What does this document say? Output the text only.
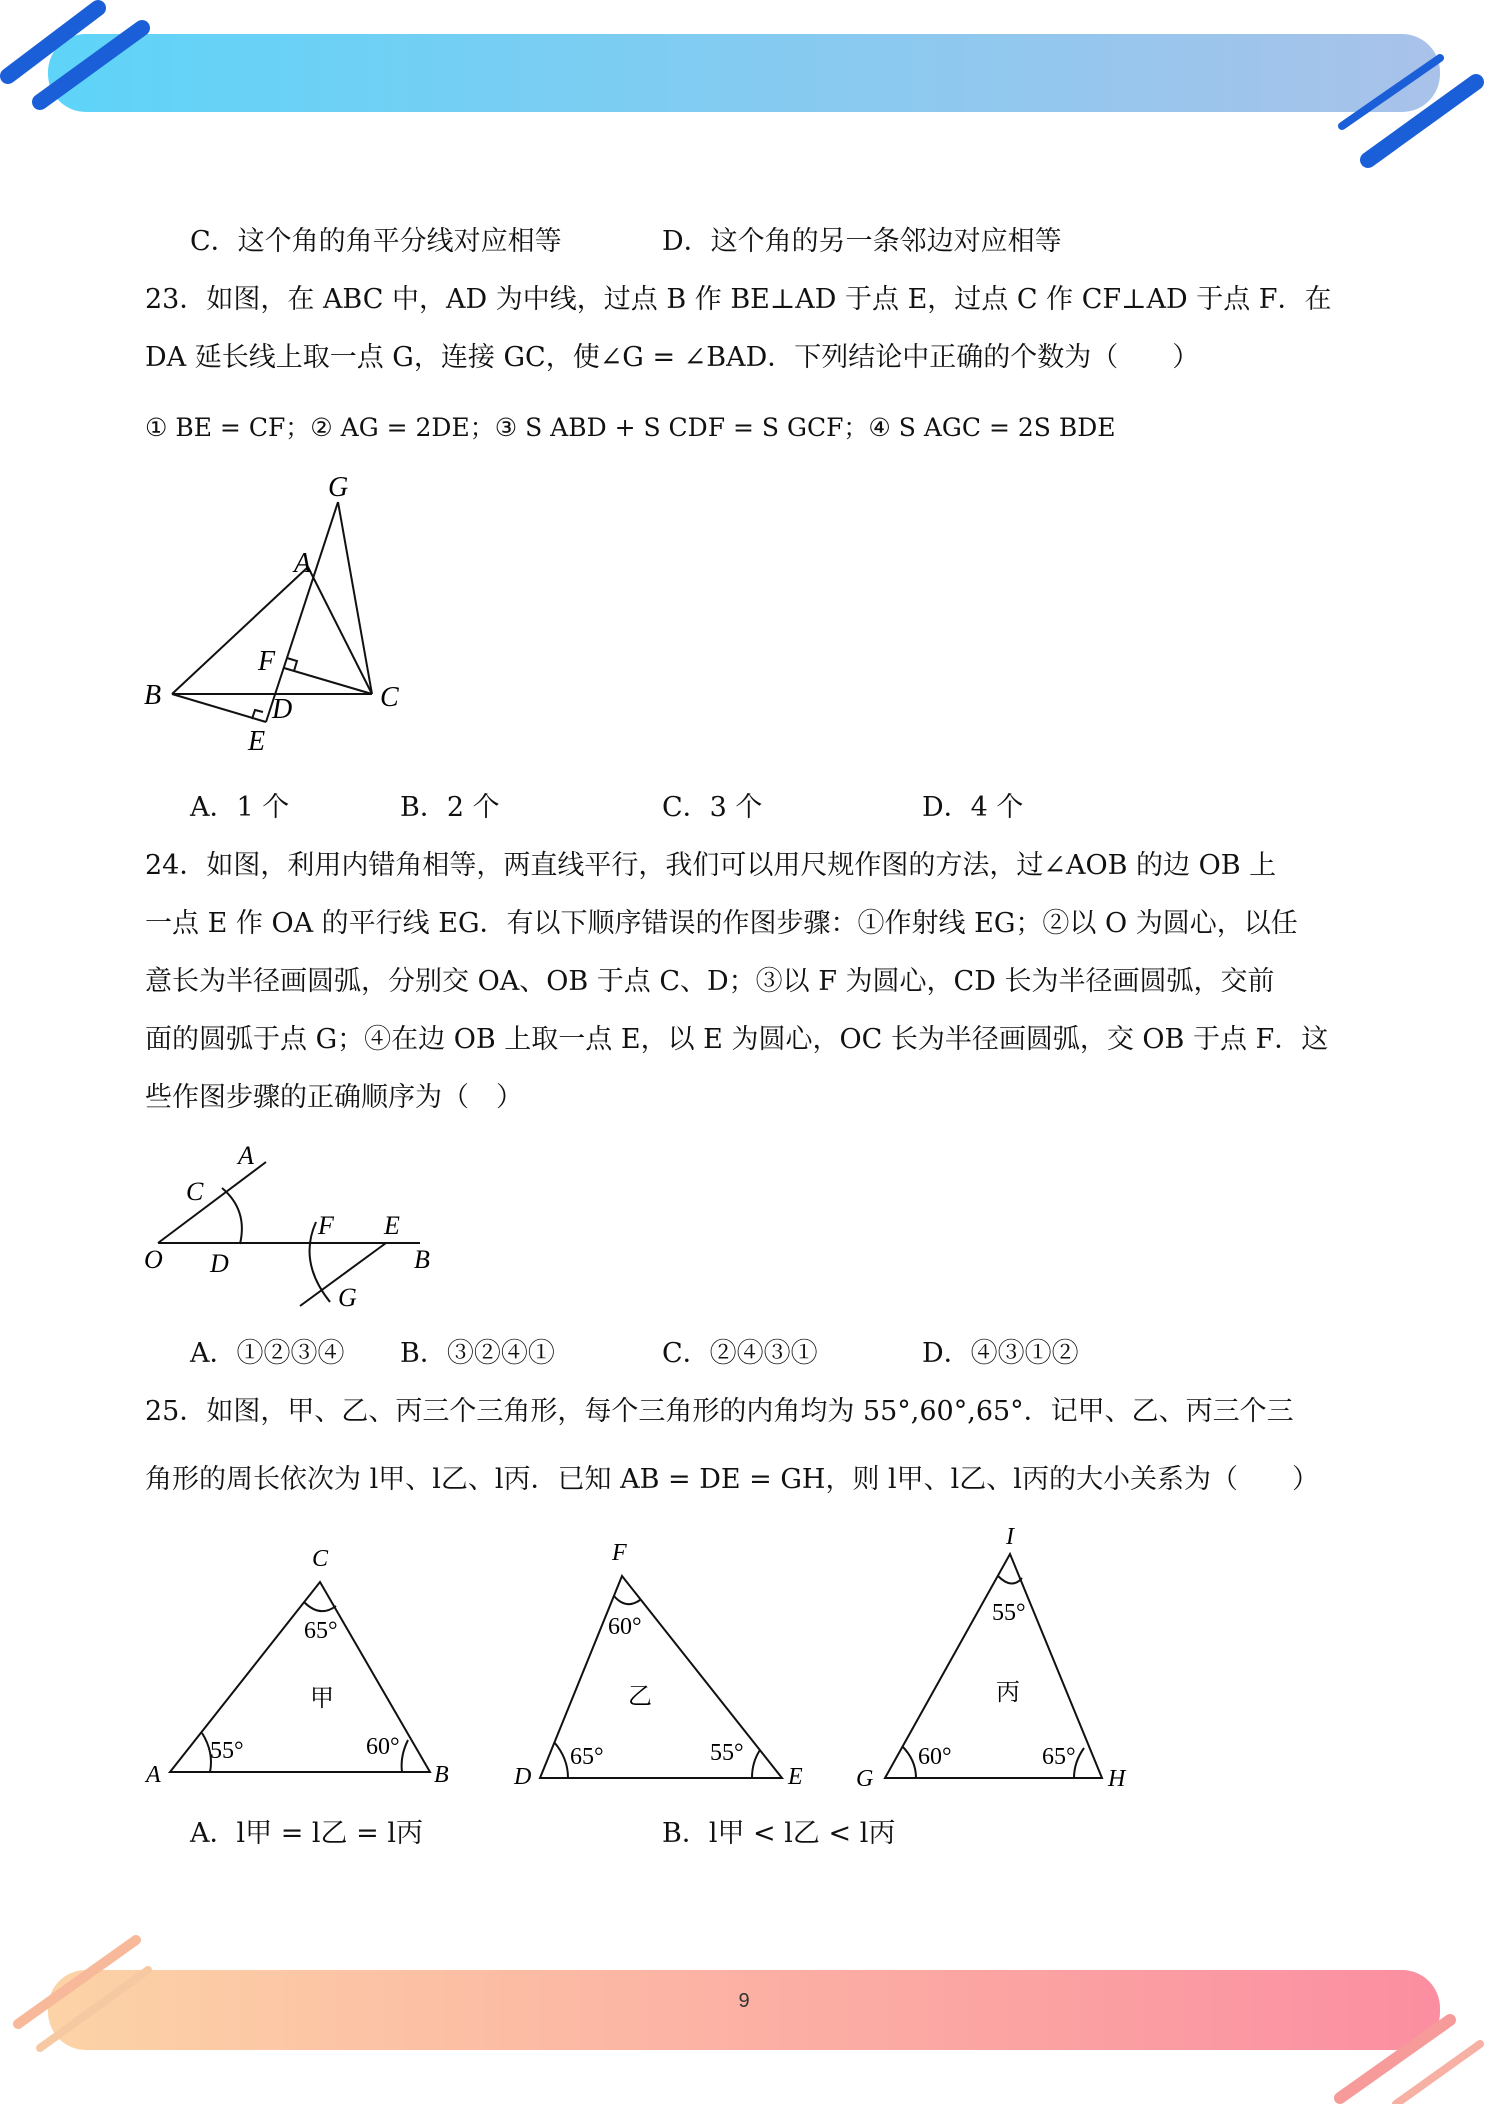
C．这个角的角平分线对应相等	D．这个角的另一条邻边对应相等
23．如图，在 ABC 中，AD 为中线，过点 B 作 BE⊥AD 于点 E，过点 C 作 CF⊥AD 于点 F．在
DA 延长线上取一点 G，连接 GC，使∠G = ∠BAD．下列结论中正确的个数为（　　）
① BE = CF；② AG = 2DE；③ S ABD + S CDF = S GCF；④ S AGC = 2S BDE
G
A
F
B	D	C
E
A．1 个	B．2 个	C．3 个	D．4 个
24．如图，利用内错角相等，两直线平行，我们可以用尺规作图的方法，过∠AOB 的边 OB 上
一点 E 作 OA 的平行线 EG．有以下顺序错误的作图步骤：①作射线 EG；②以 O 为圆心，以任
意长为半径画圆弧，分别交 OA、OB 于点 C、D；③以 F 为圆心，CD 长为半径画圆弧，交前
面的圆弧于点 G；④在边 OB 上取一点 E，以 E 为圆心，OC 长为半径画圆弧，交 OB 于点 F．这
些作图步骤的正确顺序为（　）
A
C
F E
O D	B
G
A．①②③④ B．③②④①	C．②④③①	D．④③①②
25．如图，甲、乙、丙三个三角形，每个三角形的内角均为 55°,60°,65°．记甲、乙、丙三个三
角形的周长依次为 l甲、l乙、l丙．已知 AB = DE = GH，则 l甲、l乙、l丙的大小关系为（　　）
C
A	B
65°
55°	60°
甲
F
D	E
60°
65°	55°
乙
I
G	H
55°
60°	65°
丙
A．l甲 = l乙 = l丙	B．l甲 < l乙 < l丙
9
